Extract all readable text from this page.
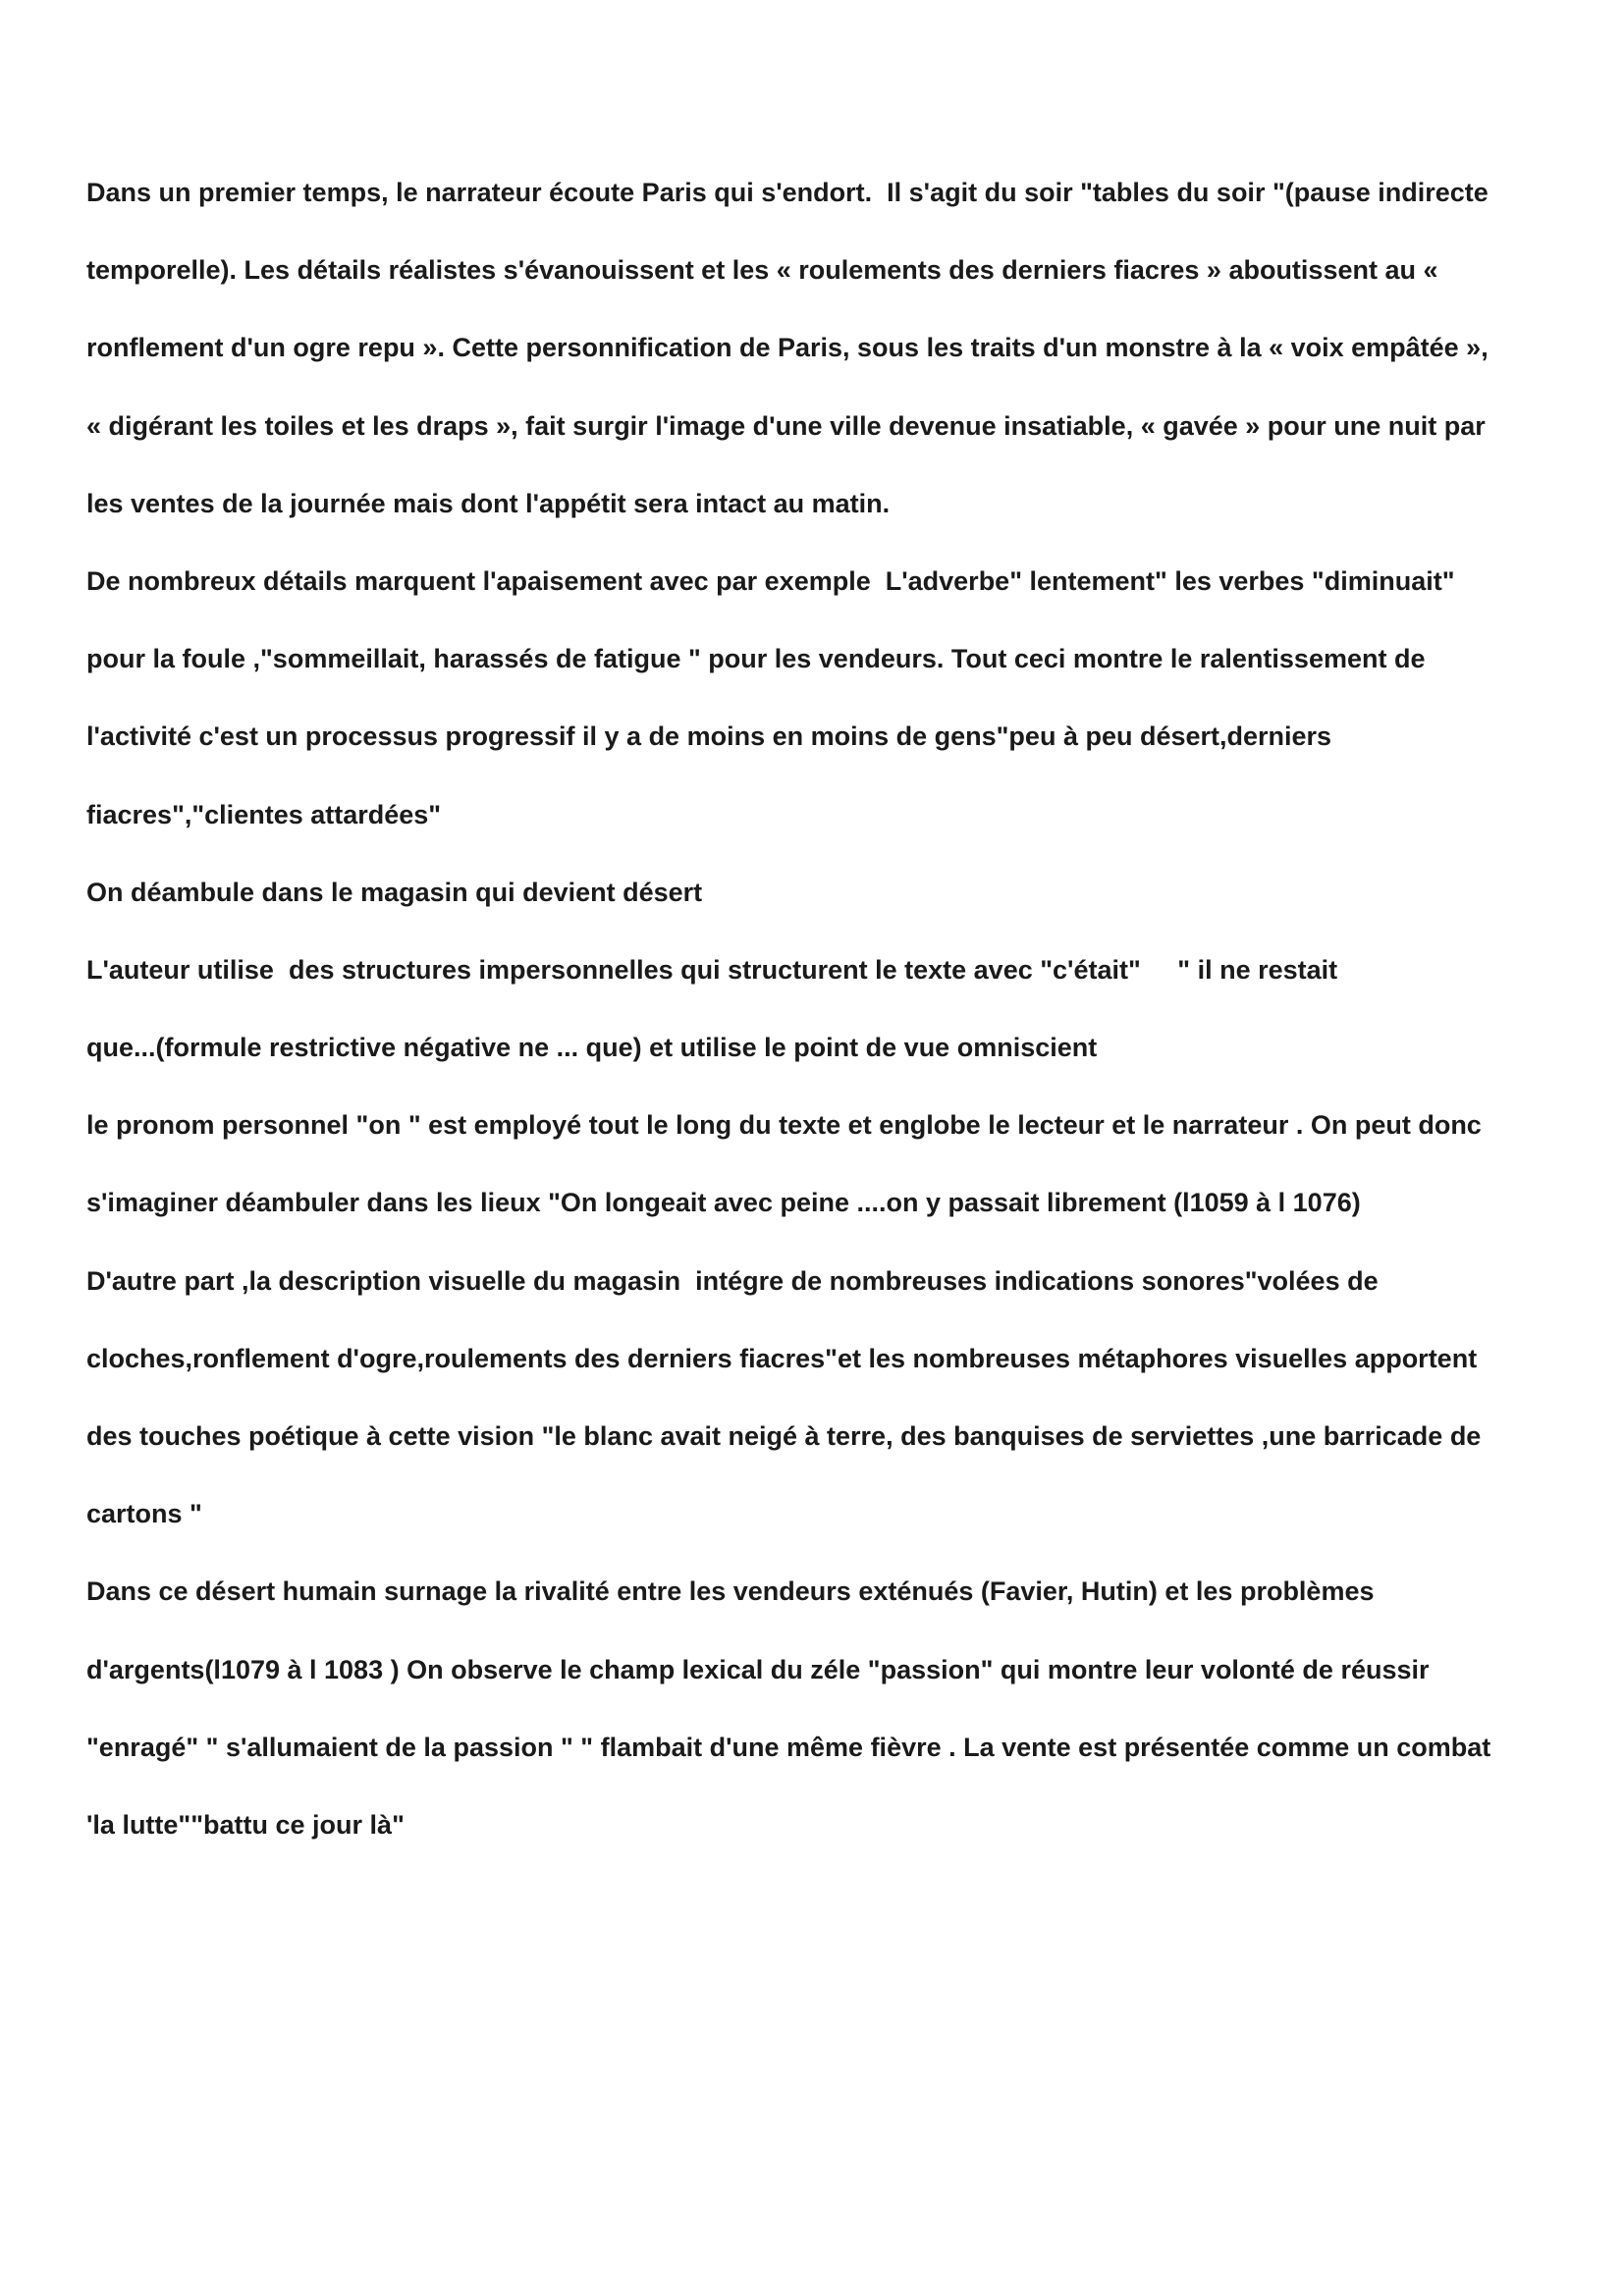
Dans un premier temps, le narrateur écoute Paris qui s'endort.  Il s'agit du soir "tables du soir "(pause indirecte

temporelle). Les détails réalistes s'évanouissent et les « roulements des derniers fiacres » aboutissent au «

ronflement d'un ogre repu ». Cette personnification de Paris, sous les traits d'un monstre à la « voix empâtée »,

« digérant les toiles et les draps », fait surgir l'image d'une ville devenue insatiable, « gavée » pour une nuit par

les ventes de la journée mais dont l'appétit sera intact au matin.

De nombreux détails marquent l'apaisement avec par exemple  L'adverbe" lentement" les verbes "diminuait"

pour la foule ,"sommeillait, harassés de fatigue " pour les vendeurs. Tout ceci montre le ralentissement de

l'activité c'est un processus progressif il y a de moins en moins de gens"peu à peu désert,derniers

fiacres","clientes attardées"

On déambule dans le magasin qui devient désert

L'auteur utilise  des structures impersonnelles qui structurent le texte avec "c'était"     " il ne restait

que...(formule restrictive négative ne ... que) et utilise le point de vue omniscient

le pronom personnel "on " est employé tout le long du texte et englobe le lecteur et le narrateur . On peut donc

s'imaginer déambuler dans les lieux "On longeait avec peine ....on y passait librement (l1059 à l 1076)

D'autre part ,la description visuelle du magasin  intégre de nombreuses indications sonores"volées de

cloches,ronflement d'ogre,roulements des derniers fiacres"et les nombreuses métaphores visuelles apportent

des touches poétique à cette vision "le blanc avait neigé à terre, des banquises de serviettes ,une barricade de

cartons "

Dans ce désert humain surnage la rivalité entre les vendeurs exténués (Favier, Hutin) et les problèmes

d'argents(l1079 à l 1083 ) On observe le champ lexical du zéle "passion" qui montre leur volonté de réussir

"enragé" " s'allumaient de la passion " " flambait d'une même fièvre . La vente est présentée comme un combat

'la lutte""battu ce jour là"
